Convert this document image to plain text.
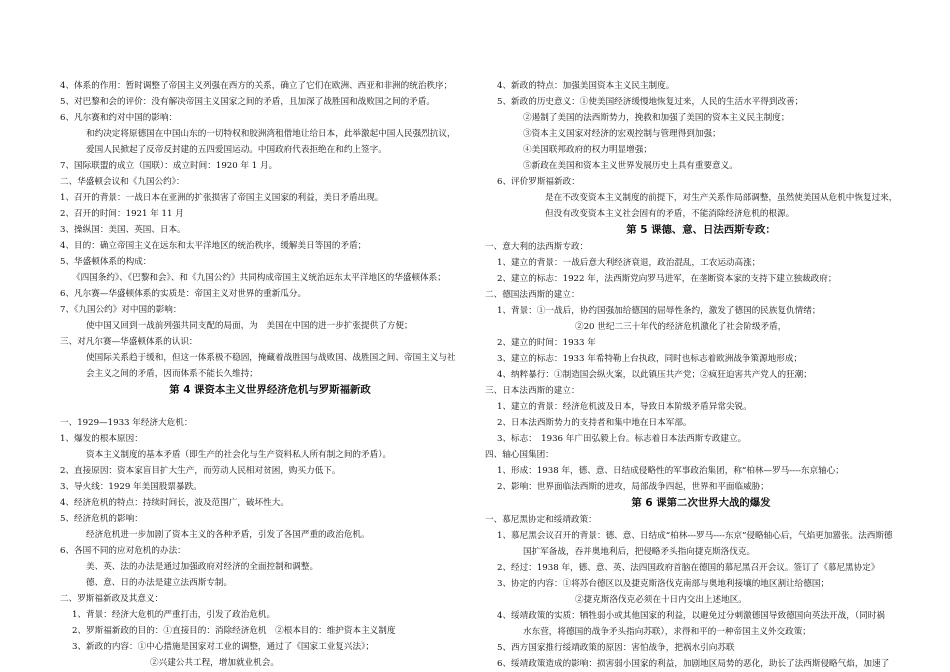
4、体系的作用：暂时调整了帝国主义列强在西方的关系，确立了它们在欧洲、西亚和非洲的统治秩序；
5、对巴黎和会的评价：没有解决帝国主义国家之间的矛盾，且加深了战胜国和战败国之间的矛盾。
6、凡尔赛和约对中国的影响：
和约决定将原德国在中国山东的一切特权和胶洲湾租借地让给日本，此举激起中国人民强烈抗议，
爱国人民掀起了反帝反封建的五四爱国运动。中国政府代表拒绝在和约上签字。
7、国际联盟的成立（国联）：成立时间：1920 年 1 月。
二、华盛顿会议和《九国公约》：
1、召开的背景：一战日本在亚洲的扩张损害了帝国主义国家的利益，美日矛盾出现。
2、召开的时间：1921 年 11 月
3、操纵国：美国、英国、日本。
4、目的：确立帝国主义在远东和太平洋地区的统治秩序，缓解美日等国的矛盾；
5、华盛顿体系的构成：
《四国条约》、《巴黎和会》、和《九国公约》共同构成帝国主义统治远东太平洋地区的华盛顿体系；
6、凡尔赛—华盛顿体系的实质是：帝国主义对世界的重新瓜分。
7、《九国公约》对中国的影响：
使中国又回到一战前列强共同支配的局面，为　美国在中国的进一步扩张提供了方便；
三、对凡尔赛—华盛顿体系的认识：
使国际关系趋于缓和，但这一体系极不稳固，掩藏着战胜国与战败国、战胜国之间、帝国主义与社
会主义之间的矛盾，因而体系不能长久维持；
第 4 课资本主义世界经济危机与罗斯福新政
一、1929—1933 年经济大危机：
1、爆发的根本原因：
资本主义制度的基本矛盾（即生产的社会化与生产资料私人所有制之间的矛盾）。
2、直接原因：资本家盲目扩大生产，而劳动人民相对贫困，购买力低下。
3、导火线：1929 年美国股票暴跌。
4、经济危机的特点：持续时间长，波及范围广，破坏性大。
5、经济危机的影响：
经济危机进一步加剧了资本主义的各种矛盾，引发了各国严重的政治危机。
6、各国不同的应对危机的办法：
美、英、法的办法是通过加强政府对经济的全面控制和调整。
德、意、日的办法是建立法西斯专制。
二、罗斯福新政及其意义：
1、背景：经济大危机的严重打击，引发了政治危机。
2、罗斯福新政的目的：①直接目的：消除经济危机　②根本目的：维护资本主义制度
3、新政的内容：①中心措施是国家对工业的调整，通过了《国家工业复兴法》；
②兴建公共工程，增加就业机会。
4、新政的特点：加强美国资本主义民主制度。
5、新政的历史意义：①使美国经济缓慢地恢复过来，人民的生活水平得到改善；
②遏制了美国的法西斯势力，挽救和加强了美国的资本主义民主制度；
③资本主义国家对经济的宏观控制与管理得到加强；
④美国联邦政府的权力明显增强；
⑤新政在美国和资本主义世界发展历史上具有重要意义。
6、评价罗斯福新政：
是在不改变资本主义制度的前提下，对生产关系作局部调整，虽然使美国从危机中恢复过来，
但没有改变资本主义社会固有的矛盾，不能消除经济危机的根源。
第 5 课德、意、日法西斯专政：
一、意大利的法西斯专政：
1、建立的背景：一战后意大利经济衰退，政治混乱，工农运动高涨；
2、建立的标志：1922 年，法西斯党向罗马进军，在垄断资本家的支持下建立独裁政府；
二、德国法西斯的建立：
1、背景：①一战后，协约国强加给德国的屈辱性条约，激发了德国的民族复仇情绪；
②20 世纪二三十年代的经济危机激化了社会阶级矛盾，
2、建立的时间：1933 年
3、建立的标志：1933 年希特勒上台执政，同时也标志着欧洲战争策源地形成；
4、纳粹暴行：①制造国会纵火案，以此镇压共产党；②疯狂迫害共产党人的狂潮；
三、日本法西斯的建立：
1、建立的背景：经济危机波及日本，导致日本阶级矛盾异常尖锐。
2、日本法西斯势力的支持者和集中地在日本军部。
3、标志：　1936 年广田弘毅上台。标志着日本法西斯专政建立。
四、轴心国集团：
1、形成：1938 年，德、意、日结成侵略性的军事政治集团，称“柏林—罗马----东京轴心；
2、影响：世界面临法西斯的进攻，局部战争四起，世界和平面临威胁；
第 6 课第二次世界大战的爆发
一、慕尼黑协定和绥靖政策：
1、慕尼黑会议召开的背景：德、意、日结成“柏林---罗马----东京”侵略轴心后，气焰更加嚣张。法西斯德
国扩军备战，吞并奥地利后，把侵略矛头指向捷克斯洛伐克。
2、经过：1938 年，德、意、英、法四国政府首脑在德国的慕尼黑召开会议。签订了《慕尼黑协定》
3、协定的内容：①将苏台德区以及捷克斯洛伐克南部与奥地利接壤的地区割让给德国；
②捷克斯洛伐克必须在十日内交出上述地区。
4、绥靖政策的实质：牺牲弱小或其他国家的利益，以避免过分刺激德国导致德国向英法开战，（同时祸
水东营，将德国的战争矛头指向苏联），求得和平的一种帝国主义外交政策；
5、西方国家推行绥靖政策的原因：害怕战争，把祸水引向苏联
6、绥靖政策造成的影响：损害弱小国家的利益，加剧地区局势的恶化，助长了法西斯侵略气焰，加速了
